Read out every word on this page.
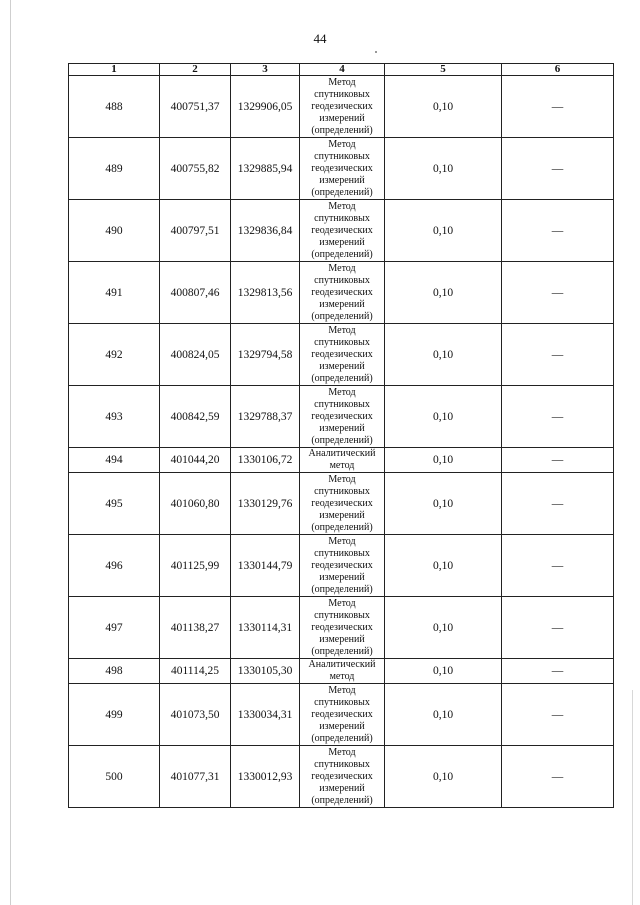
44
1	2	3	4	5	6
488	400751,37	1329906,05	Метод
спутниковых
геодезических
измерений
(определений)	0,10	—
489	400755,82	1329885,94	Метод
спутниковых
геодезических
измерений
(определений)	0,10	—
490	400797,51	1329836,84	Метод
спутниковых
геодезических
измерений
(определений)	0,10	—
491	400807,46	1329813,56	Метод
спутниковых
геодезических
измерений
(определений)	0,10	—
492	400824,05	1329794,58	Метод
спутниковых
геодезических
измерений
(определений)	0,10	—
493	400842,59	1329788,37	Метод
спутниковых
геодезических
измерений
(определений)	0,10	—
494	401044,20	1330106,72	Аналитический
метод	0,10	—
495	401060,80	1330129,76	Метод
спутниковых
геодезических
измерений
(определений)	0,10	—
496	401125,99	1330144,79	Метод
спутниковых
геодезических
измерений
(определений)	0,10	—
497	401138,27	1330114,31	Метод
спутниковых
геодезических
измерений
(определений)	0,10	—
498	401114,25	1330105,30	Аналитический
метод	0,10	—
499	401073,50	1330034,31	Метод
спутниковых
геодезических
измерений
(определений)	0,10	—
500	401077,31	1330012,93	Метод
спутниковых
геодезических
измерений
(определений)	0,10	—
